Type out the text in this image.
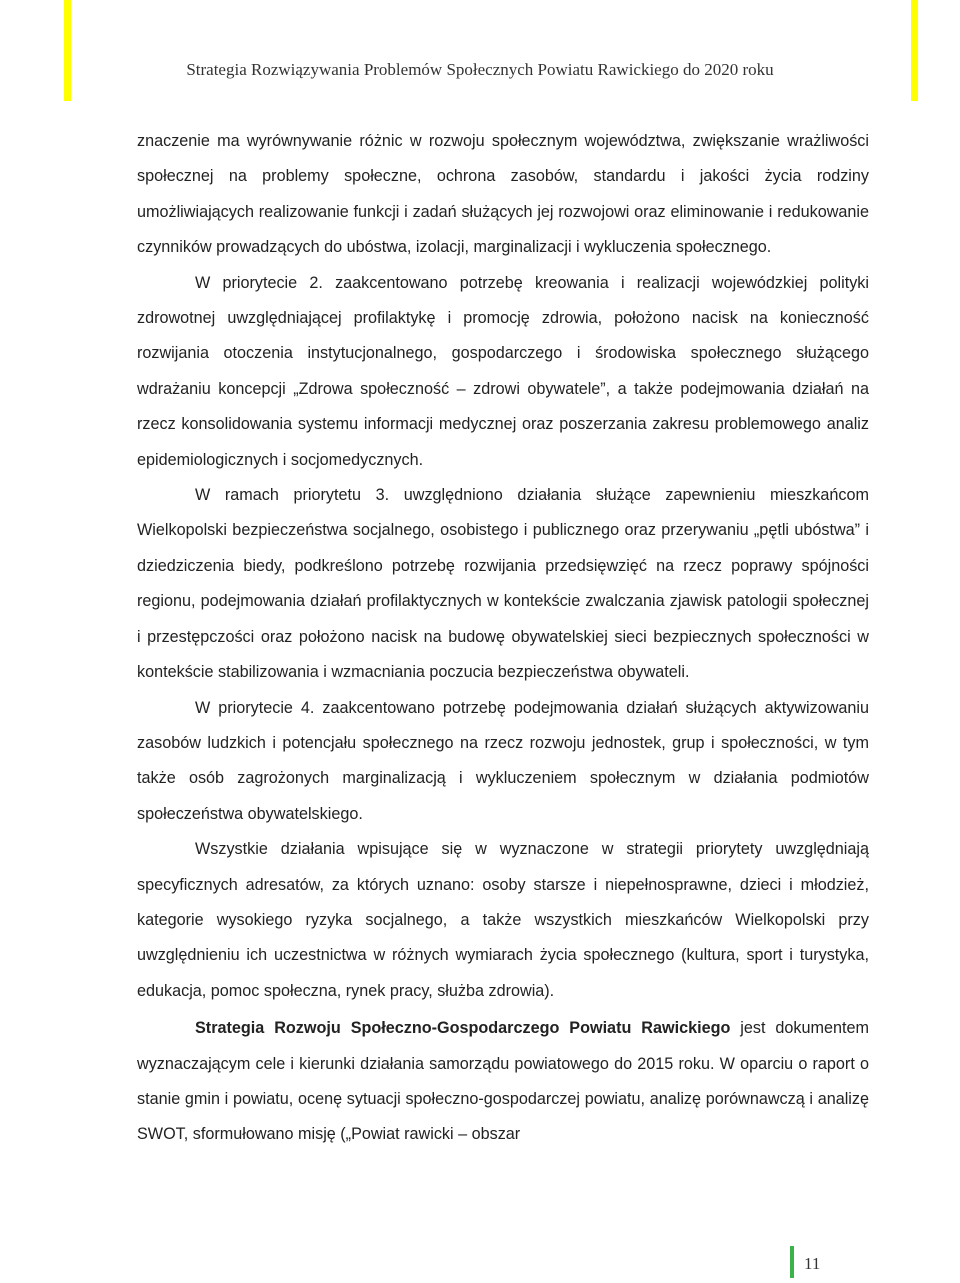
Strategia Rozwiązywania Problemów Społecznych Powiatu Rawickiego do 2020 roku

znaczenie ma wyrównywanie różnic w rozwoju społecznym województwa, zwiększanie wrażliwości społecznej na problemy społeczne, ochrona zasobów, standardu i jakości życia rodziny umożliwiających realizowanie funkcji i zadań służących jej rozwojowi oraz eliminowanie i redukowanie czynników prowadzących do ubóstwa, izolacji, marginalizacji i wykluczenia społecznego.

W priorytecie 2. zaakcentowano potrzebę kreowania i realizacji wojewódzkiej polityki zdrowotnej uwzględniającej profilaktykę i promocję zdrowia, położono nacisk na konieczność rozwijania otoczenia instytucjonalnego, gospodarczego i środowiska społecznego służącego wdrażaniu koncepcji „Zdrowa społeczność – zdrowi obywatele”, a także podejmowania działań na rzecz konsolidowania systemu informacji medycznej oraz poszerzania zakresu problemowego analiz epidemiologicznych i socjomedycznych.

W ramach priorytetu 3. uwzględniono działania służące zapewnieniu mieszkańcom Wielkopolski bezpieczeństwa socjalnego, osobistego i publicznego oraz przerywaniu „pętli ubóstwa” i dziedziczenia biedy, podkreślono potrzebę rozwijania przedsięwzięć na rzecz poprawy spójności regionu, podejmowania działań profilaktycznych w kontekście zwalczania zjawisk patologii społecznej i przestępczości oraz położono nacisk na budowę obywatelskiej sieci bezpiecznych społeczności w kontekście stabilizowania i wzmacniania poczucia bezpieczeństwa obywateli.

W priorytecie 4. zaakcentowano potrzebę podejmowania działań służących aktywizowaniu zasobów ludzkich i potencjału społecznego na rzecz rozwoju jednostek, grup i społeczności, w tym także osób zagrożonych marginalizacją i wykluczeniem społecznym w działania podmiotów społeczeństwa obywatelskiego.

Wszystkie działania wpisujące się w wyznaczone w strategii priorytety uwzględniają specyficznych adresatów, za których uznano: osoby starsze i niepełnosprawne, dzieci i młodzież, kategorie wysokiego ryzyka socjalnego, a także wszystkich mieszkańców Wielkopolski przy uwzględnieniu ich uczestnictwa w różnych wymiarach życia społecznego (kultura, sport i turystyka, edukacja, pomoc społeczna, rynek pracy, służba zdrowia).

Strategia Rozwoju Społeczno-Gospodarczego Powiatu Rawickiego jest dokumentem wyznaczającym cele i kierunki działania samorządu powiatowego do 2015 roku. W oparciu o raport o stanie gmin i powiatu, ocenę sytuacji społeczno-gospodarczej powiatu, analizę porównawczą i analizę SWOT, sformułowano misję („Powiat rawicki – obszar

11
